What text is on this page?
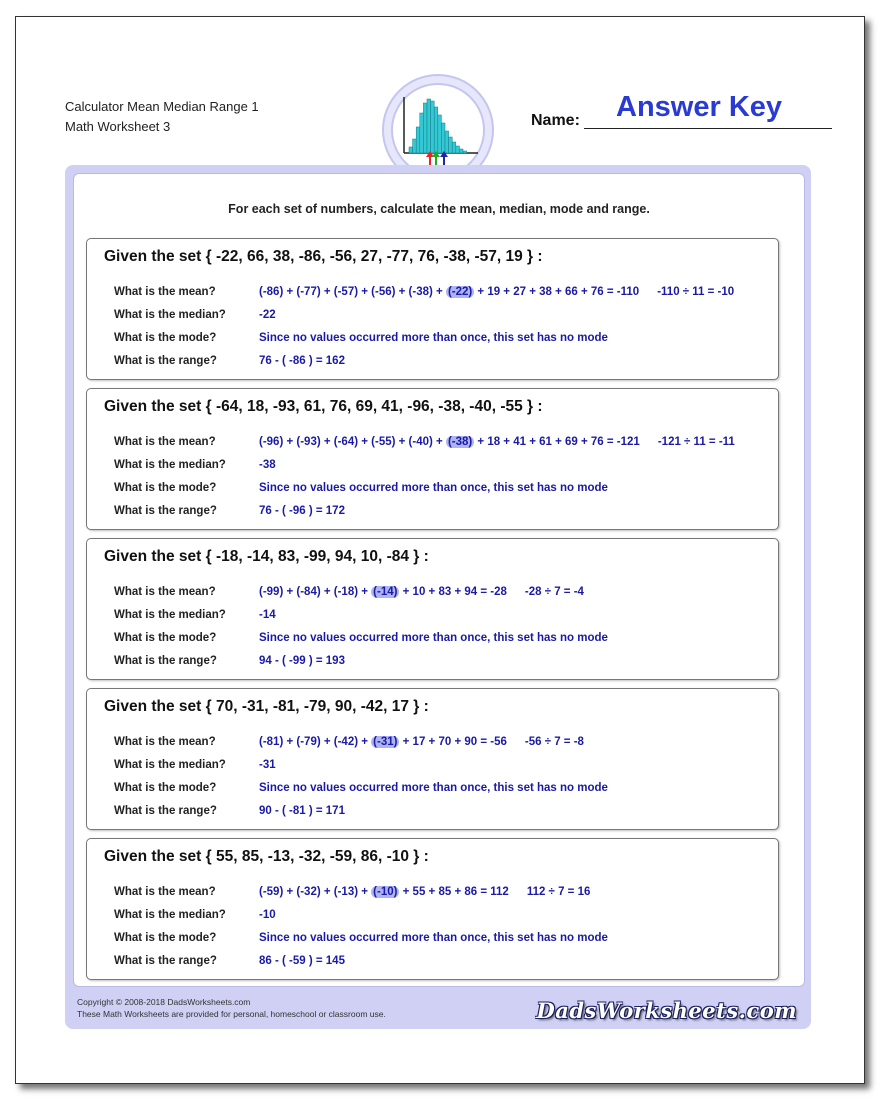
Calculator Mean Median Range 1
Math Worksheet 3	Name: Answer Key
For each set of numbers, calculate the mean, median, mode and range.
Given the set { -22, 66, 38, -86, -56, 27, -77, 76, -38, -57, 19 } :
What is the mean?	(-86) + (-77) + (-57) + (-56) + (-38) + (-22) + 19 + 27 + 38 + 66 + 76 = -110 -110 ÷ 11 = -10
What is the median?	-22
What is the mode?	Since no values occurred more than once, this set has no mode
What is the range?	76 - ( -86 ) = 162
Given the set { -64, 18, -93, 61, 76, 69, 41, -96, -38, -40, -55 } :
What is the mean?	(-96) + (-93) + (-64) + (-55) + (-40) + (-38) + 18 + 41 + 61 + 69 + 76 = -121 -121 ÷ 11 = -11
What is the median?	-38
What is the mode?	Since no values occurred more than once, this set has no mode
What is the range?	76 - ( -96 ) = 172
Given the set { -18, -14, 83, -99, 94, 10, -84 } :
What is the mean?	(-99) + (-84) + (-18) + (-14) + 10 + 83 + 94 = -28 -28 ÷ 7 = -4
What is the median?	-14
What is the mode?	Since no values occurred more than once, this set has no mode
What is the range?	94 - ( -99 ) = 193
Given the set { 70, -31, -81, -79, 90, -42, 17 } :
What is the mean?	(-81) + (-79) + (-42) + (-31) + 17 + 70 + 90 = -56 -56 ÷ 7 = -8
What is the median?	-31
What is the mode?	Since no values occurred more than once, this set has no mode
What is the range?	90 - ( -81 ) = 171
Given the set { 55, 85, -13, -32, -59, 86, -10 } :
What is the mean?	(-59) + (-32) + (-13) + (-10) + 55 + 85 + 86 = 112 112 ÷ 7 = 16
What is the median?	-10
What is the mode?	Since no values occurred more than once, this set has no mode
What is the range?	86 - ( -59 ) = 145
Copyright © 2008-2018 DadsWorksheets.com
These Math Worksheets are provided for personal, homeschool or classroom use.	DadsWorksheets.com
